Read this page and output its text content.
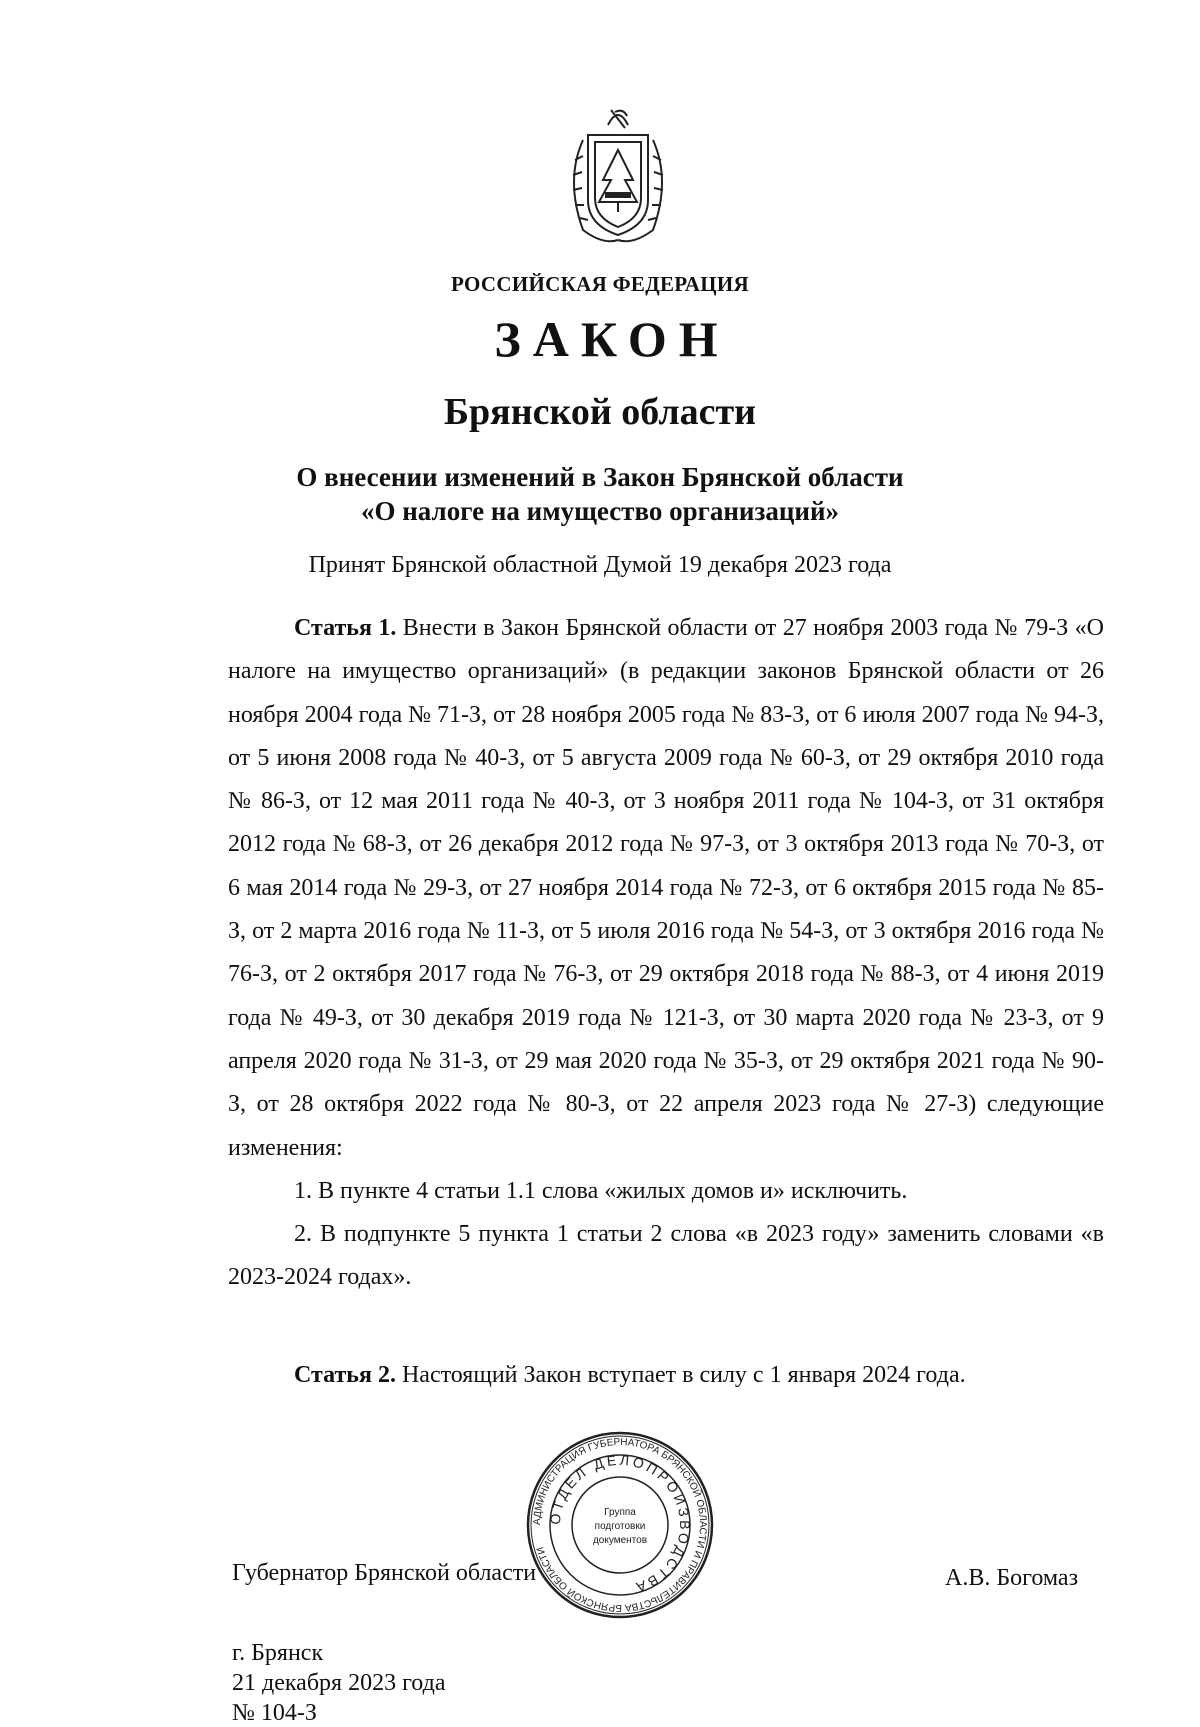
РОССИЙСКАЯ ФЕДЕРАЦИЯ
ЗАКОН
Брянской области
О внесении изменений в Закон Брянской области
«О налоге на имущество организаций»
Принят Брянской областной Думой 19 декабря 2023 года

Статья 1. Внести в Закон Брянской области от 27 ноября 2003 года № 79-З «О налоге на имущество организаций» (в редакции законов Брянской области от 26 ноября 2004 года № 71-З, от 28 ноября 2005 года № 83-З, от 6 июля 2007 года № 94-З, от 5 июня 2008 года № 40-З, от 5 августа 2009 года № 60-З, от 29 октября 2010 года № 86-З, от 12 мая 2011 года № 40-З, от 3 ноября 2011 года № 104-З, от 31 октября 2012 года № 68-З, от 26 декабря 2012 года № 97-З, от 3 октября 2013 года № 70-З, от 6 мая 2014 года № 29-З, от 27 ноября 2014 года № 72-З, от 6 октября 2015 года № 85-З, от 2 марта 2016 года № 11-З, от 5 июля 2016 года № 54-З, от 3 октября 2016 года № 76-З, от 2 октября 2017 года № 76-З, от 29 октября 2018 года № 88-З, от 4 июня 2019 года № 49-З, от 30 декабря 2019 года № 121-З, от 30 марта 2020 года № 23-З, от 9 апреля 2020 года № 31-З, от 29 мая 2020 года № 35-З, от 29 октября 2021 года № 90-З, от 28 октября 2022 года № 80-З, от 22 апреля 2023 года № 27-З) следующие изменения:

1. В пункте 4 статьи 1.1 слова «жилых домов и» исключить.

2. В подпункте 5 пункта 1 статьи 2 слова «в 2023 году» заменить словами «в 2023-2024 годах».

Статья 2. Настоящий Закон вступает в силу с 1 января 2024 года.

Губернатор Брянской области	А.В. Богомаз
АДМИНИСТРАЦИЯ ГУБЕРНАТОРА БРЯНСКОЙ ОБЛАСТИ И ПРАВИТЕЛЬСТВА БРЯНСКОЙ ОБЛАСТИ
ОТДЕЛ ДЕЛОПРОИЗВОДСТВА
Группа
подготовки
документов
г. Брянск
21 декабря 2023 года
№ 104-З
